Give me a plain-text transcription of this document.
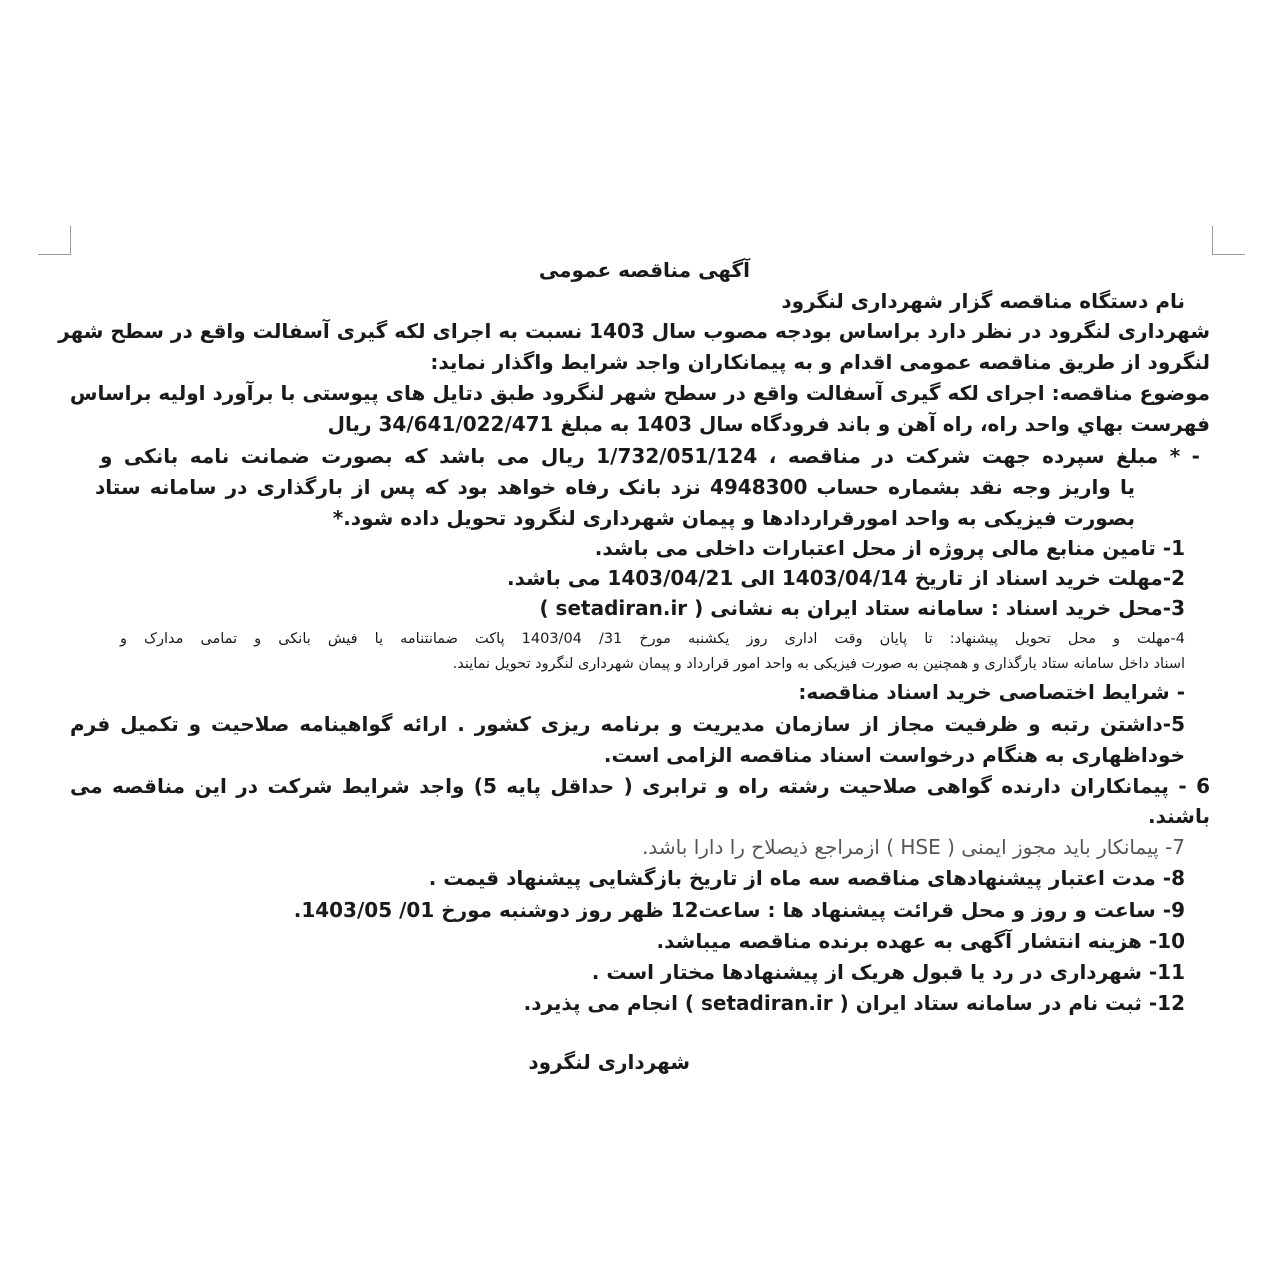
آگهی مناقصه عمومی
نام دستگاه مناقصه گزار شهرداری لنگرود
شهرداری لنگرود در نظر دارد براساس بودجه مصوب سال 1403 نسبت به اجرای لکه گیری آسفالت واقع در سطح شهر
لنگرود از طریق مناقصه عمومی اقدام و به پیمانکاران واجد شرایط واگذار نماید:
موضوع مناقصه: اجرای لکه گیری آسفالت واقع در سطح شهر لنگرود طبق دتایل های پیوستی با برآورد اولیه براساس
فهرست بهاي واحد راه، راه آهن و باند فرودگاه سال 1403 به مبلغ 34/641/022/471 ریال
- * مبلغ سپرده جهت شرکت در مناقصه ، 1/732/051/124 ریال می باشد که بصورت ضمانت نامه بانکی و
یا واریز وجه نقد بشماره حساب 4948300 نزد بانک رفاه خواهد بود که پس از بارگذاری در سامانه ستاد
بصورت فیزیکی به واحد امورقراردادها و پیمان شهرداری لنگرود تحویل داده شود.*
1- تامین منابع مالی پروژه از محل اعتبارات داخلی می باشد.
2-مهلت خرید اسناد از تاریخ 1403/04/14 الی 1403/04/21 می باشد.
3-محل خرید اسناد : سامانه ستاد ایران به نشانی ( setadiran.ir )
4-مهلت و محل تحویل پیشنهاد: تا پایان وقت اداری روز یکشنبه مورخ 31/ 1403/04 پاکت ضمانتنامه یا فیش بانکی و تمامی مدارک و
اسناد داخل سامانه ستاد بارگذاری و همچنین به صورت فیزیکی به واحد امور قرارداد و پیمان شهرداری لنگرود تحویل نمایند.
- شرایط اختصاصی خرید اسناد مناقصه:
5-داشتن رتبه و ظرفیت مجاز از سازمان مدیریت و برنامه ریزی کشور . ارائه گواهینامه صلاحیت و تکمیل فرم
خوداظهاری به هنگام درخواست اسناد مناقصه الزامی است.
6 - پیمانکاران دارنده گواهی صلاحیت رشته راه و ترابری ( حداقل پایه 5) واجد شرایط شرکت در این مناقصه می
باشند.
7- پیمانکار باید مجوز ایمنی ( HSE ) ازمراجع ذیصلاح را دارا باشد.
8- مدت اعتبار پیشنهادهای مناقصه سه ماه از تاریخ بازگشایی پیشنهاد قیمت .
9- ساعت و روز و محل قرائت پیشنهاد ها : ساعت12 ظهر روز دوشنبه مورخ 01/ 1403/05.
10- هزینه انتشار آگهی به عهده برنده مناقصه میباشد.
11- شهرداری در رد یا قبول هریک از پیشنهادها مختار است .
12- ثبت نام در سامانه ستاد ایران ( setadiran.ir ) انجام می پذیرد.
شهرداری لنگرود
